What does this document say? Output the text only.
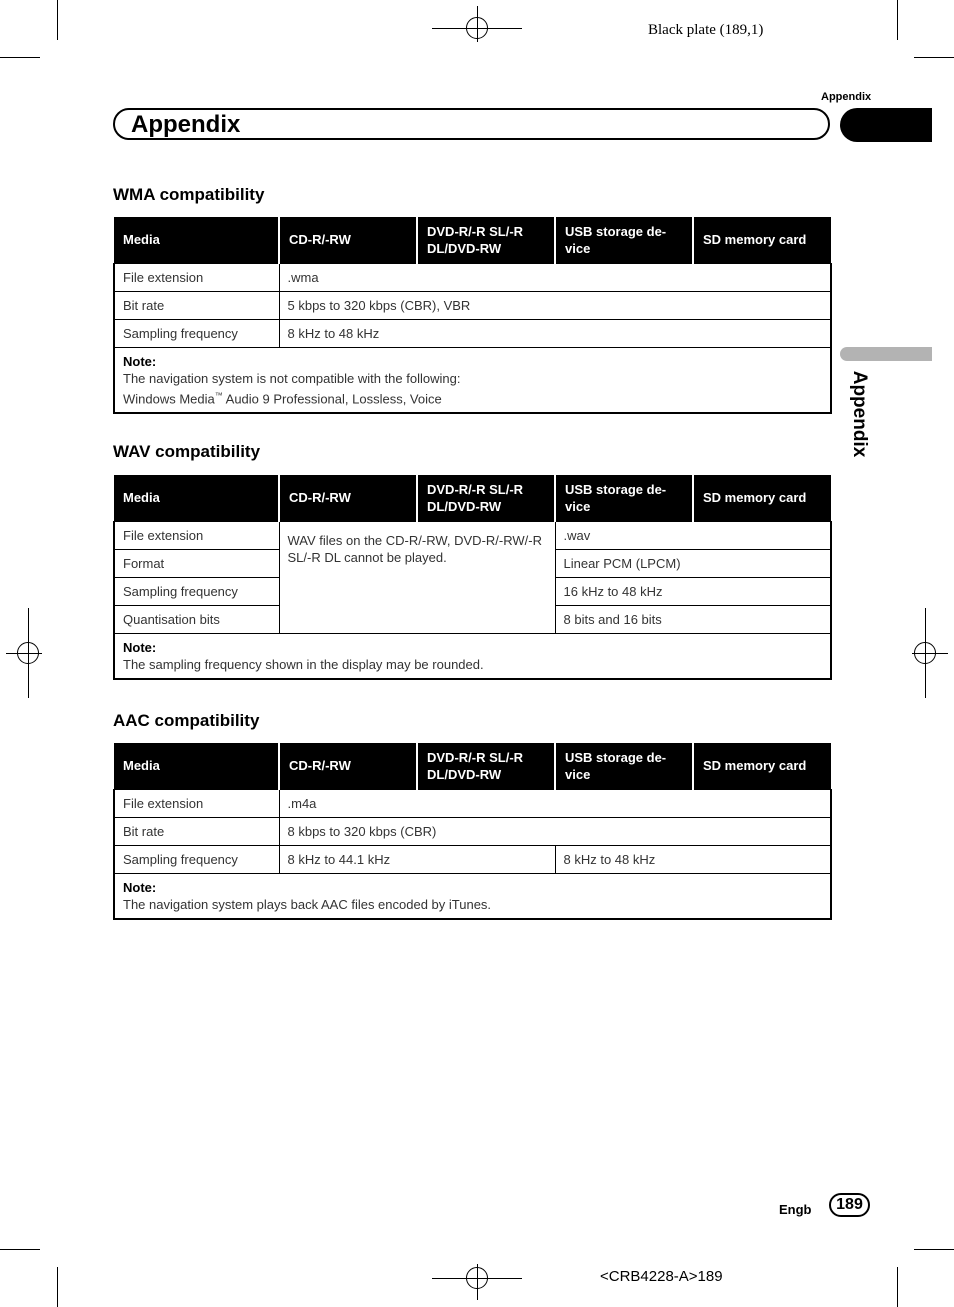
Black plate (189,1)
Appendix
Appendix
Appendix
WMA compatibility
Media	CD-R/-RW	DVD-R/-R SL/-R DL/DVD-RW	USB storage de- vice	SD memory card
File extension	.wma			
Bit rate	5 kbps to 320 kbps (CBR), VBR			
Sampling frequency	8 kHz to 48 kHz			

Note:
The navigation system is not compatible with the following:
Windows Media™ Audio 9 Professional, Lossless, Voice				
WAV compatibility
Media	CD-R/-RW	DVD-R/-R SL/-R DL/DVD-RW	USB storage de- vice	SD memory card
File extension	WAV files on the CD-R/-RW, DVD-R/-RW/-R SL/-R DL cannot be played.		.wav	
Format			Linear PCM (LPCM)	
Sampling frequency			16 kHz to 48 kHz	
Quantisation bits			8 bits and 16 bits	

Note:
The sampling frequency shown in the display may be rounded.				
AAC compatibility
Media	CD-R/-RW	DVD-R/-R SL/-R DL/DVD-RW	USB storage de- vice	SD memory card
File extension	.m4a			
Bit rate	8 kbps to 320 kbps (CBR)			
Sampling frequency	8 kHz to 44.1 kHz		8 kHz to 48 kHz	

Note:
The navigation system plays back AAC files encoded by iTunes.				
Engb	189
<CRB4228-A>189
